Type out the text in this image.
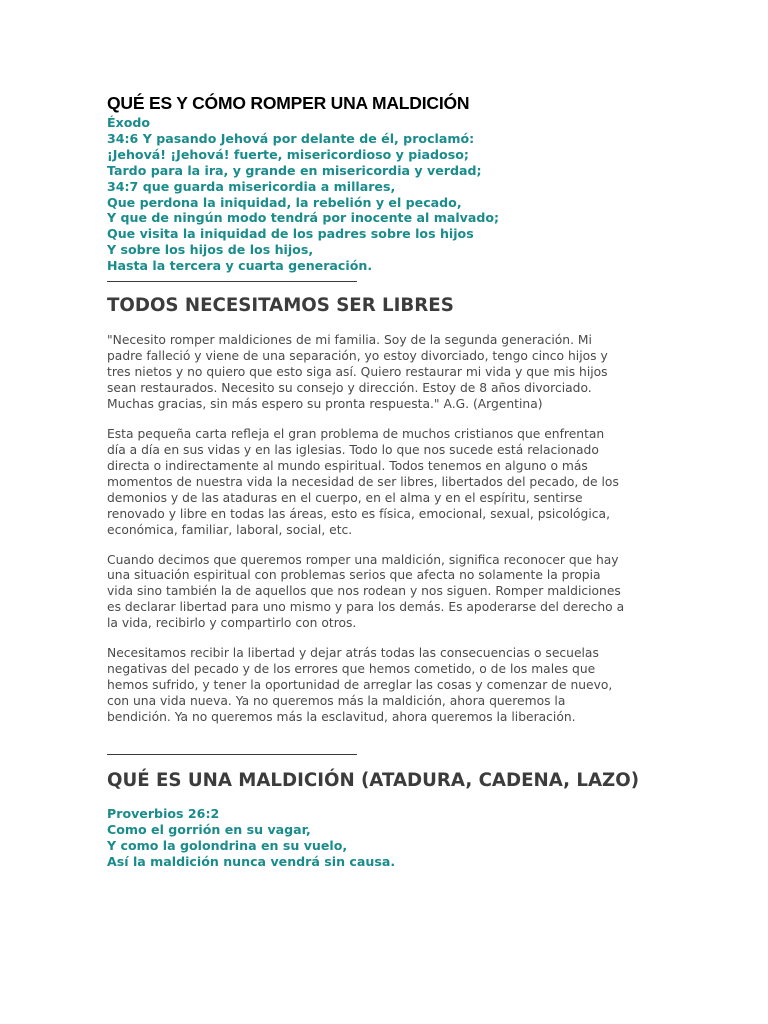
QUÉ ES Y CÓMO ROMPER UNA MALDICIÓN

Éxodo

34:6 Y pasando Jehová por delante de él, proclamó:

¡Jehová! ¡Jehová! fuerte, misericordioso y piadoso;

Tardo para la ira, y grande en misericordia y verdad;

34:7 que guarda misericordia a millares,

Que perdona la iniquidad, la rebelión y el pecado,

Y que de ningún modo tendrá por inocente al malvado;

Que visita la iniquidad de los padres sobre los hijos

Y sobre los hijos de los hijos,

Hasta la tercera y cuarta generación.

TODOS NECESITAMOS SER LIBRES

"Necesito romper maldiciones de mi familia. Soy de la segunda generación. Mi
padre falleció y viene de una separación, yo estoy divorciado, tengo cinco hijos y
tres nietos y no quiero que esto siga así. Quiero restaurar mi vida y que mis hijos
sean restaurados. Necesito su consejo y dirección. Estoy de 8 años divorciado.
Muchas gracias, sin más espero su pronta respuesta." A.G. (Argentina)

Esta pequeña carta refleja el gran problema de muchos cristianos que enfrentan
día a día en sus vidas y en las iglesias. Todo lo que nos sucede está relacionado
directa o indirectamente al mundo espiritual. Todos tenemos en alguno o más
momentos de nuestra vida la necesidad de ser libres, libertados del pecado, de los
demonios y de las ataduras en el cuerpo, en el alma y en el espíritu, sentirse
renovado y libre en todas las áreas, esto es física, emocional, sexual, psicológica,
económica, familiar, laboral, social, etc.

Cuando decimos que queremos romper una maldición, significa reconocer que hay
una situación espiritual con problemas serios que afecta no solamente la propia
vida sino también la de aquellos que nos rodean y nos siguen. Romper maldiciones
es declarar libertad para uno mismo y para los demás. Es apoderarse del derecho a
la vida, recibirlo y compartirlo con otros.

Necesitamos recibir la libertad y dejar atrás todas las consecuencias o secuelas
negativas del pecado y de los errores que hemos cometido, o de los males que
hemos sufrido, y tener la oportunidad de arreglar las cosas y comenzar de nuevo,
con una vida nueva. Ya no queremos más la maldición, ahora queremos la
bendición. Ya no queremos más la esclavitud, ahora queremos la liberación.

QUÉ ES UNA MALDICIÓN (ATADURA, CADENA, LAZO)

Proverbios 26:2

Como el gorrión en su vagar,

Y como la golondrina en su vuelo,

Así la maldición nunca vendrá sin causa.
